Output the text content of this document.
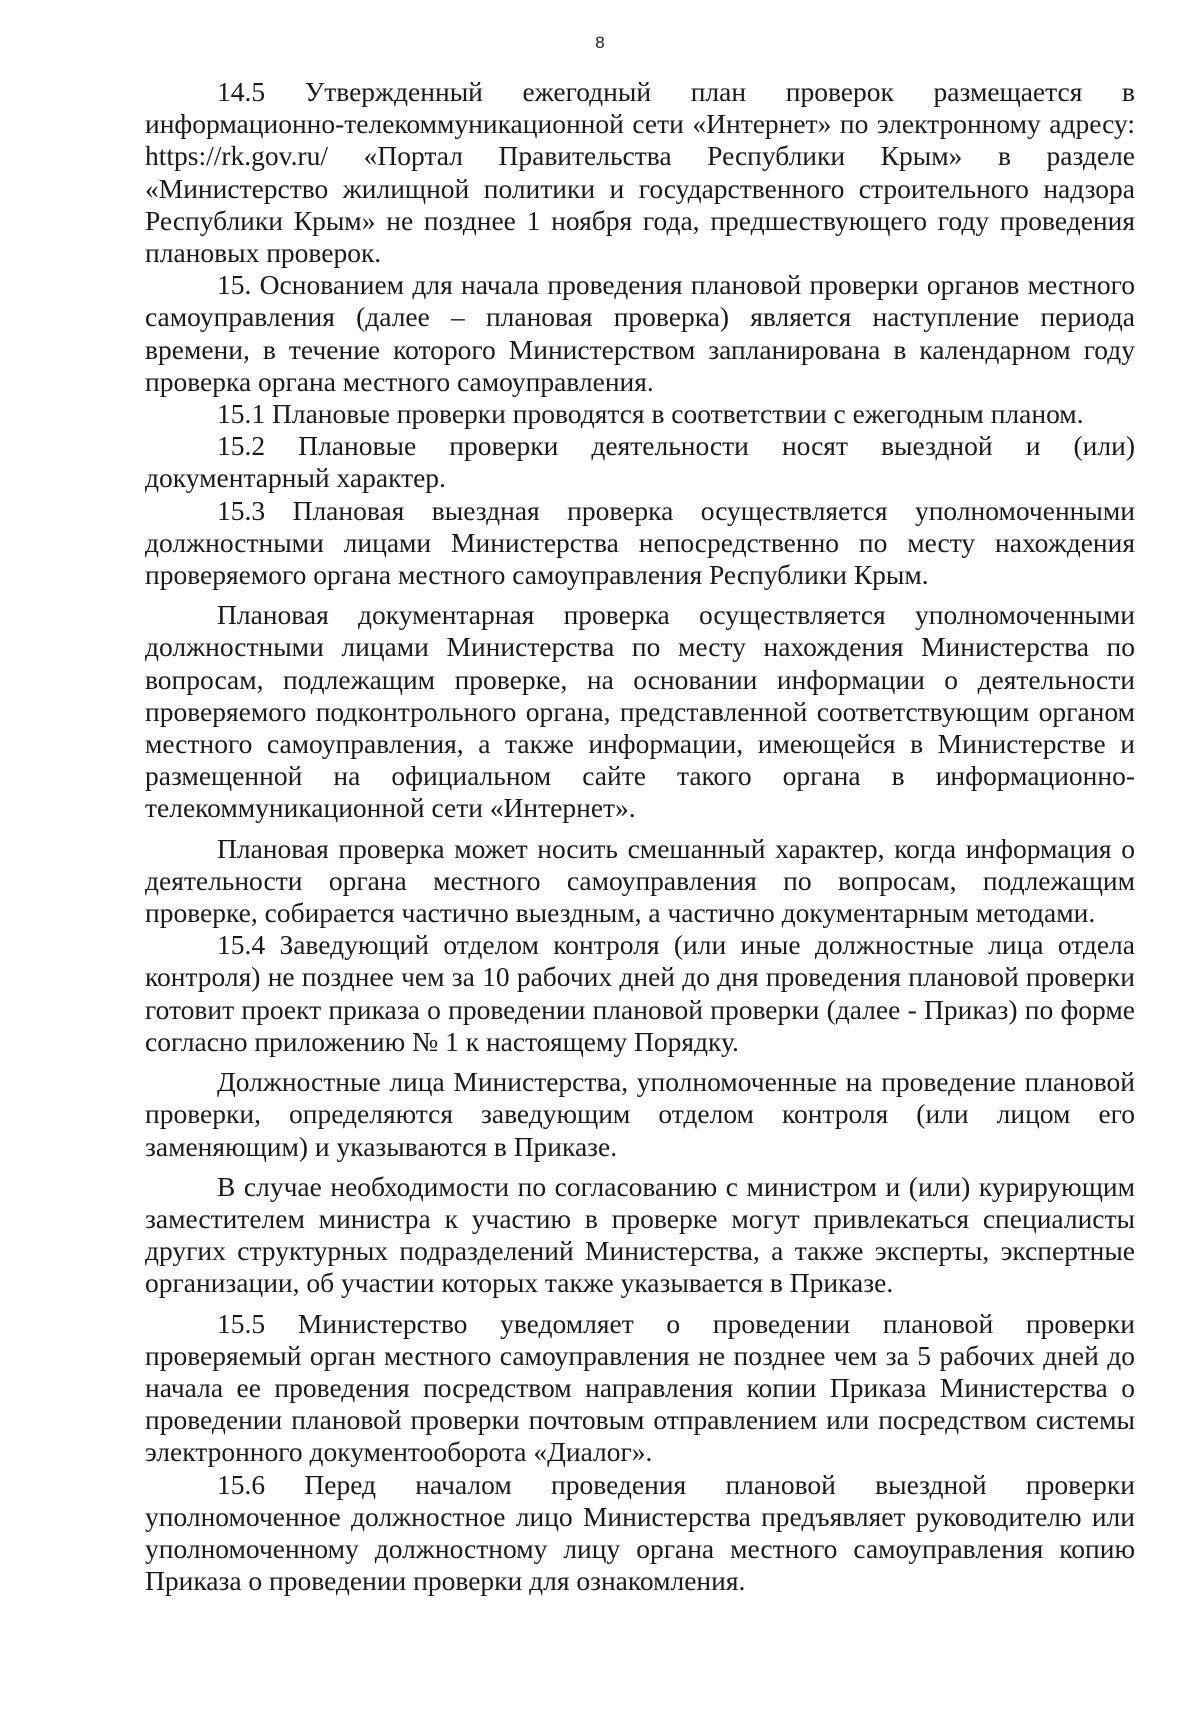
8

14.5 Утвержденный ежегодный план проверок размещается в информационно-телекоммуникационной сети «Интернет» по электронному адресу: https://rk.gov.ru/ «Портал Правительства Республики Крым» в разделе «Министерство жилищной политики и государственного строительного надзора Республики Крым» не позднее 1 ноября года, предшествующего году проведения плановых проверок.

15. Основанием для начала проведения плановой проверки органов местного самоуправления (далее – плановая проверка) является наступление периода времени, в течение которого Министерством запланирована в календарном году проверка органа местного самоуправления.

15.1 Плановые проверки проводятся в соответствии с ежегодным планом.

15.2 Плановые проверки деятельности носят выездной и (или) документарный характер.

15.3 Плановая выездная проверка осуществляется уполномоченными должностными лицами Министерства непосредственно по месту нахождения проверяемого органа местного самоуправления Республики Крым.

Плановая документарная проверка осуществляется уполномоченными должностными лицами Министерства по месту нахождения Министерства по вопросам, подлежащим проверке, на основании информации о деятельности проверяемого подконтрольного органа, представленной соответствующим органом местного самоуправления, а также информации, имеющейся в Министерстве и размещенной на официальном сайте такого органа в информационно-телекоммуникационной сети «Интернет».

Плановая проверка может носить смешанный характер, когда информация о деятельности органа местного самоуправления по вопросам, подлежащим проверке, собирается частично выездным, а частично документарным методами.

15.4 Заведующий отделом контроля (или иные должностные лица отдела контроля) не позднее чем за 10 рабочих дней до дня проведения плановой проверки готовит проект приказа о проведении плановой проверки (далее - Приказ) по форме согласно приложению № 1 к настоящему Порядку.

Должностные лица Министерства, уполномоченные на проведение плановой проверки, определяются заведующим отделом контроля (или лицом его заменяющим) и указываются в Приказе.

В случае необходимости по согласованию с министром и (или) курирующим заместителем министра к участию в проверке могут привлекаться специалисты других структурных подразделений Министерства, а также эксперты, экспертные организации, об участии которых также указывается в Приказе.

15.5 Министерство уведомляет о проведении плановой проверки проверяемый орган местного самоуправления не позднее чем за 5 рабочих дней до начала ее проведения посредством направления копии Приказа Министерства о проведении плановой проверки почтовым отправлением или посредством системы электронного документооборота «Диалог».

15.6 Перед началом проведения плановой выездной проверки уполномоченное должностное лицо Министерства предъявляет руководителю или уполномоченному должностному лицу органа местного самоуправления копию Приказа о проведении проверки для ознакомления.
